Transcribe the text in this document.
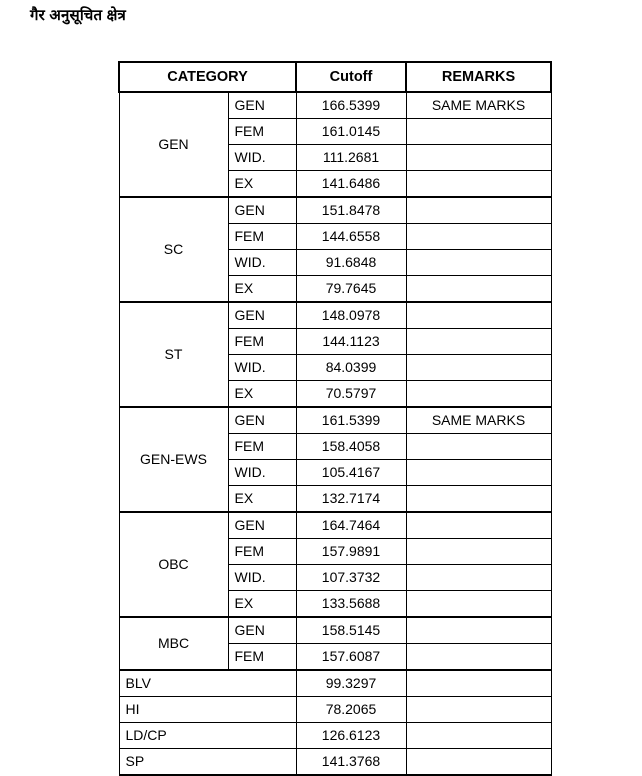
गैर अनुसूचित क्षेत्र
CATEGORY		Cutoff	REMARKS
GEN	GEN	166.5399	SAME MARKS
	FEM	161.0145	
	WID.	111.2681	
	EX	141.6486	
SC	GEN	151.8478	
	FEM	144.6558	
	WID.	91.6848	
	EX	79.7645	
ST	GEN	148.0978	
	FEM	144.1123	
	WID.	84.0399	
	EX	70.5797	
GEN-EWS	GEN	161.5399	SAME MARKS
	FEM	158.4058	
	WID.	105.4167	
	EX	132.7174	
OBC	GEN	164.7464	
	FEM	157.9891	
	WID.	107.3732	
	EX	133.5688	
MBC	GEN	158.5145	
	FEM	157.6087	
BLV		99.3297	
HI		78.2065	
LD/CP		126.6123	
SP		141.3768	
